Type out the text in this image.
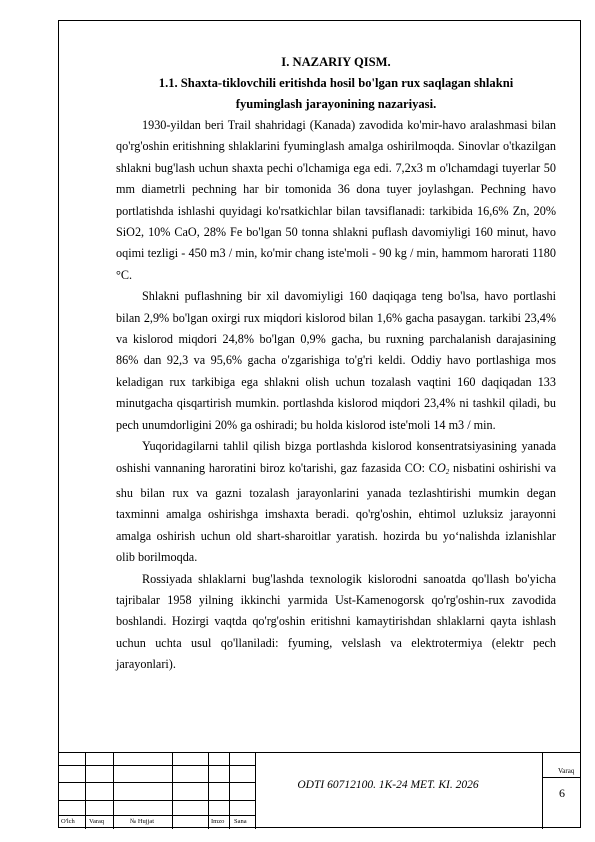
I. NAZARIY QISM.
1.1. Shaxta-tiklovchili eritishda hosil bo'lgan rux saqlagan shlakni
fyuminglash jarayonining nazariyasi.

1930-yildan beri Trail shahridagi (Kanada) zavodida ko'mir-havo aralashmasi bilan qo'rg'oshin eritishning shlaklarini fyuminglash amalga oshirilmoqda. Sinovlar o'tkazilgan shlakni bug'lash uchun shaxta pechi o'lchamiga ega edi. 7,2x3 m o'lchamdagi tuyerlar 50 mm diametrli pechning har bir tomonida 36 dona tuyer joylashgan. Pechning havo portlatishda ishlashi quyidagi ko'rsatkichlar bilan tavsiflanadi: tarkibida 16,6% Zn, 20% SiO2, 10% CaO, 28% Fe bo'lgan 50 tonna shlakni puflash davomiyligi 160 minut, havo oqimi tezligi - 450 m3 / min, ko'mir chang iste'moli - 90 kg / min, hammom harorati 1180 °C.

Shlakni puflashning bir xil davomiyligi 160 daqiqaga teng bo'lsa, havo portlashi bilan 2,9% bo'lgan oxirgi rux miqdori kislorod bilan 1,6% gacha pasaygan. tarkibi 23,4% va kislorod miqdori 24,8% bo'lgan 0,9% gacha, bu ruxning parchalanish darajasining 86% dan 92,3 va 95,6% gacha o'zgarishiga to'g'ri keldi. Oddiy havo portlashiga mos keladigan rux tarkibiga ega shlakni olish uchun tozalash vaqtini 160 daqiqadan 133 minutgacha qisqartirish mumkin. portlashda kislorod miqdori 23,4% ni tashkil qiladi, bu pech unumdorligini 20% ga oshiradi; bu holda kislorod iste'moli 14 m3 / min.

Yuqoridagilarni tahlil qilish bizga portlashda kislorod konsentratsiyasining yanada oshishi vannaning haroratini biroz ko'tarishi, gaz fazasida CO: $CO_2$ nisbatini oshirishi va shu bilan rux va gazni tozalash jarayonlarini yanada tezlashtirishi mumkin degan taxminni amalga oshirishga imshaxta beradi. qo'rg'oshin, ehtimol uzluksiz jarayonni amalga oshirish uchun old shart-sharoitlar yaratish. hozirda bu yo‘nalishda izlanishlar olib borilmoqda.

Rossiyada shlaklarni bug'lashda texnologik kislorodni sanoatda qo'llash bo'yicha tajribalar 1958 yilning ikkinchi yarmida Ust-Kamenogorsk qo'rg'oshin-rux zavodida boshlandi. Hozirgi vaqtda qo'rg'oshin eritishni kamaytirishdan shlaklarni qayta ishlash uchun uchta usul qo'llaniladi: fyuming, velslash va elektrotermiya (elektr pech jarayonlari).

O'lch Varaq	№ Hujjat	Imzo Sana
ODTI 60712100. 1K-24 MET. KI. 2026
Varaq
6
